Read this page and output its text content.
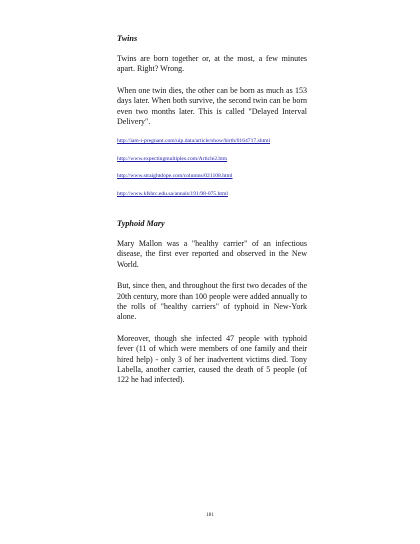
Twins

Twins are born together or, at the most, a few minutes apart. Right? Wrong.

When one twin dies, the other can be born as much as 153 days later. When both survive, the second twin can be born even two months later. This is called "Delayed Interval Delivery".

http://iam-i-pregnant.com/uip.data/article/show/birth/0164717.shtml
http://www.expectingmultiples.com/Article2.htm
http://www.straightdope.com/columns/021108.html
http://www.kfshrc.edu.sa/annals/191/98-075.html
Typhoid Mary

Mary Mallon was a "healthy carrier" of an infectious disease, the first ever reported and observed in the New World.

But, since then, and throughout the first two decades of the 20th century, more than 100 people were added annually to the rolls of "healthy carriers" of typhoid in New-York alone.

Moreover, though she infected 47 people with typhoid fever (11 of which were members of one family and their hired help) - only 3 of her inadvertent victims died. Tony Labella, another carrier, caused the death of 5 people (of 122 he had infected).

181
